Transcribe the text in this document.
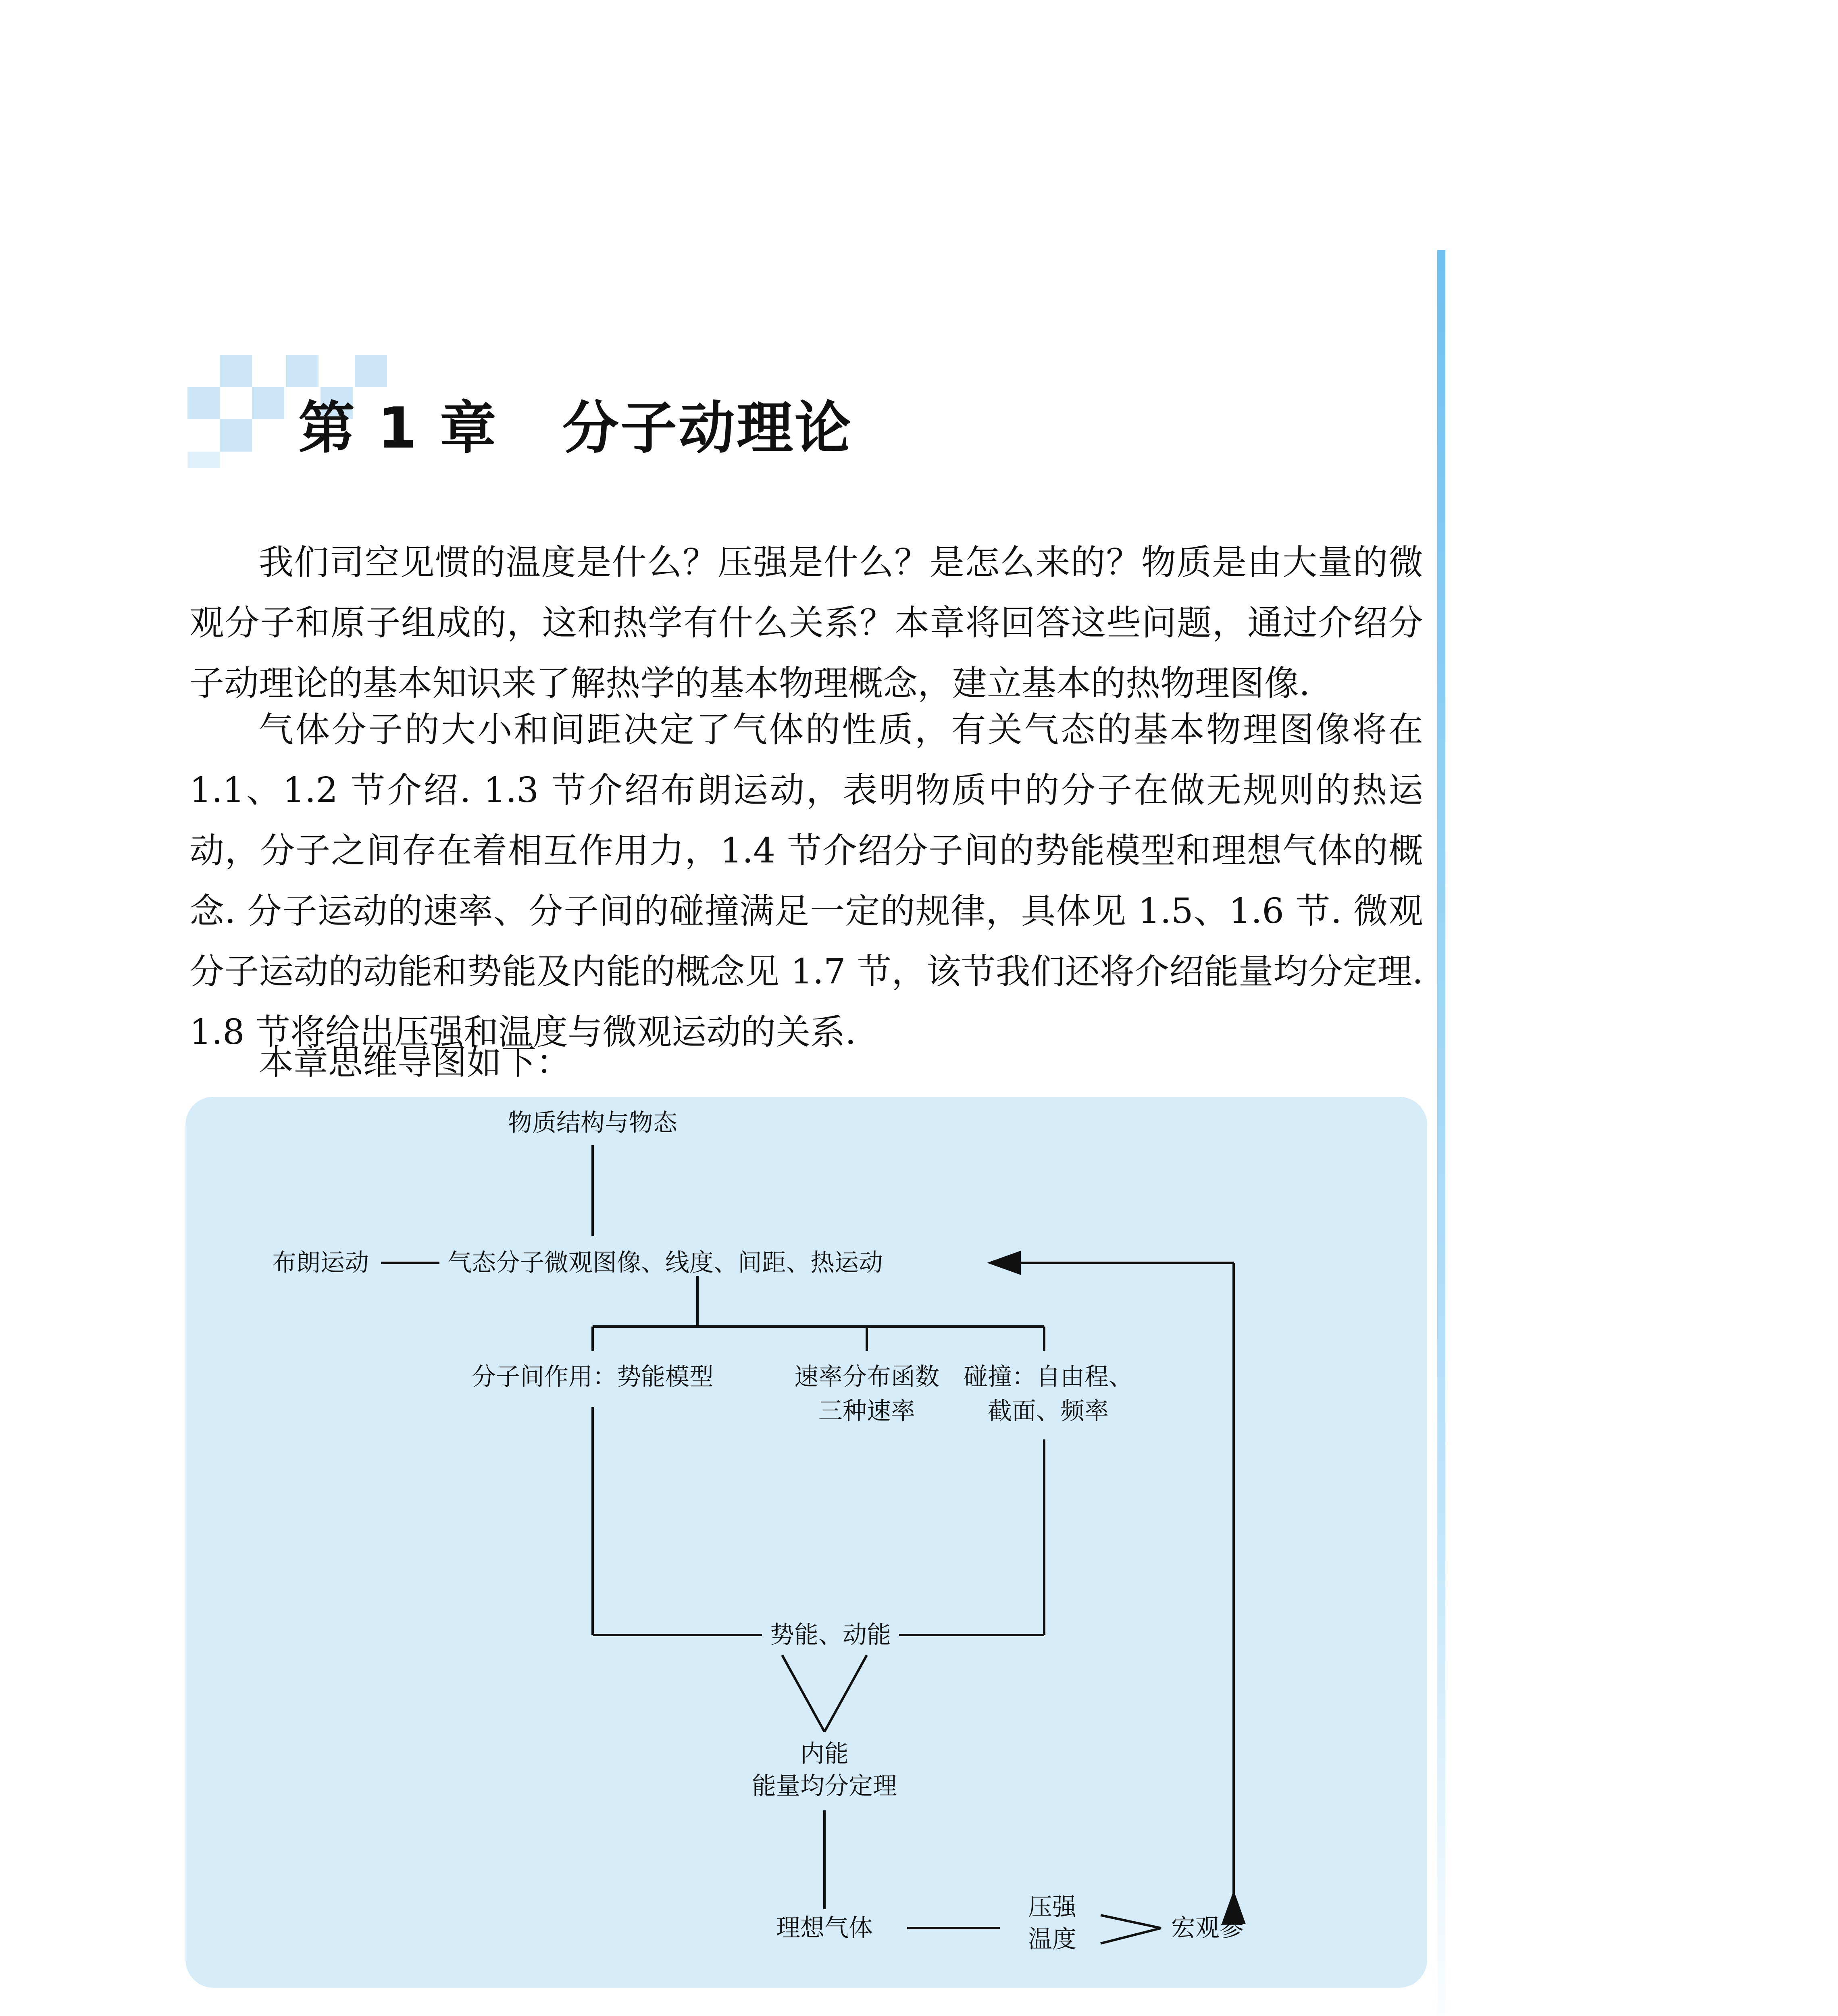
第 1 章 分子动理论

我们司空见惯的温度是什么？压强是什么？是怎么来的？物质是由大量的微观分子和原子组成的，这和热学有什么关系？本章将回答这些问题，通过介绍分子动理论的基本知识来了解热学的基本物理概念，建立基本的热物理图像.

气体分子的大小和间距决定了气体的性质，有关气态的基本物理图像将在 1.1、1.2 节介绍. 1.3 节介绍布朗运动，表明物质中的分子在做无规则的热运动，分子之间存在着相互作用力，1.4 节介绍分子间的势能模型和理想气体的概念. 分子运动的速率、分子间的碰撞满足一定的规律，具体见 1.5、1.6 节. 微观分子运动的动能和势能及内能的概念见 1.7 节，该节我们还将介绍能量均分定理. 1.8 节将给出压强和温度与微观运动的关系.

本章思维导图如下：

物质结构与物态
布朗运动	气态分子微观图像、线度、间距、热运动
分子间作用：势能模型	速率分布函数
三种速率
碰撞：自由程、
截面、频率
势能、动能
内能
能量均分定理
理想气体
压强
温度	宏观参
